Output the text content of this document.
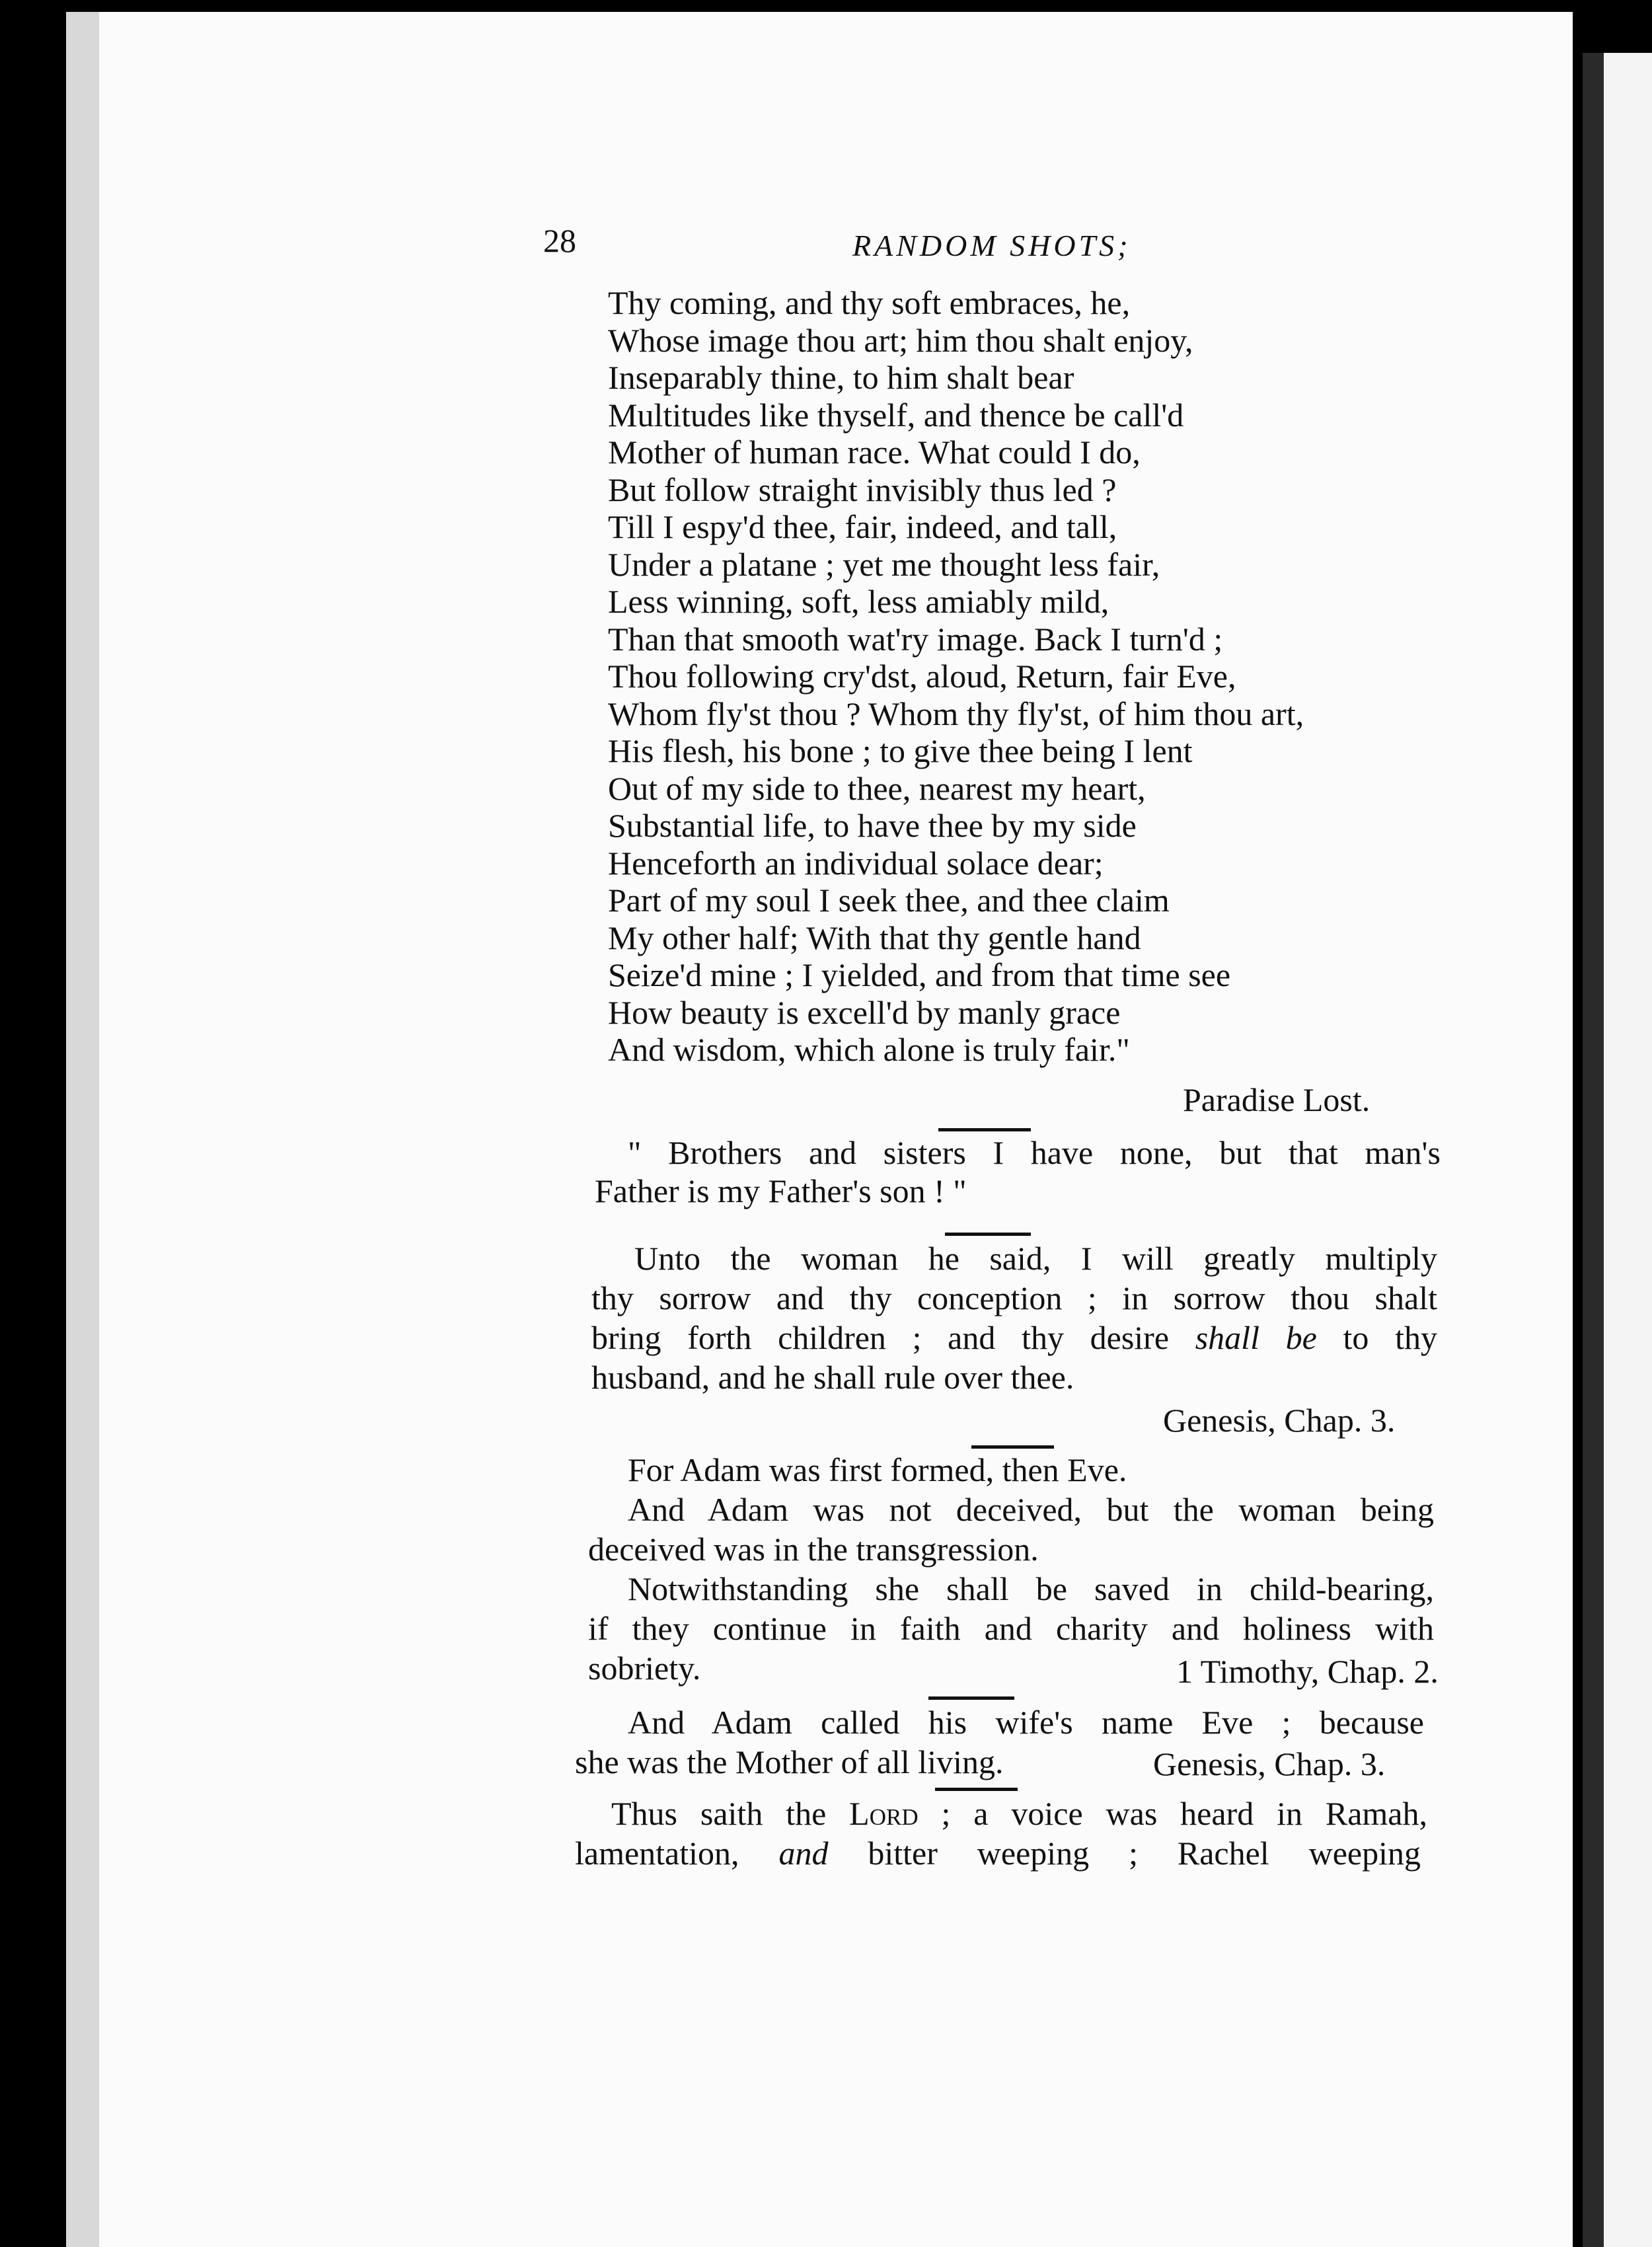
28	RANDOM SHOTS;
Thy coming, and thy soft embraces, he,
Whose image thou art; him thou shalt enjoy,
Inseparably thine, to him shalt bear
Multitudes like thyself, and thence be call'd
Mother of human race. What could I do,
But follow straight invisibly thus led ?
Till I espy'd thee, fair, indeed, and tall,
Under a platane ; yet me thought less fair,
Less winning, soft, less amiably mild,
Than that smooth wat'ry image. Back I turn'd ;
Thou following cry'dst, aloud, Return, fair Eve,
Whom fly'st thou ? Whom thy fly'st, of him thou art,
His flesh, his bone ; to give thee being I lent
Out of my side to thee, nearest my heart,
Substantial life, to have thee by my side
Henceforth an individual solace dear;
Part of my soul I seek thee, and thee claim
My other half; With that thy gentle hand
Seize'd mine ; I yielded, and from that time see
How beauty is excell'd by manly grace
And wisdom, which alone is truly fair."
Paradise Lost.
" Brothers and sisters I have none, but that man's
Father is my Father's son ! "
Unto the woman he said, I will greatly multiply
thy sorrow and thy conception ; in sorrow thou shalt
bring forth children ; and thy desire shall be to thy
husband, and he shall rule over thee.
Genesis, Chap. 3.
For Adam was first formed, then Eve.
And Adam was not deceived, but the woman being
deceived was in the transgression.
Notwithstanding she shall be saved in child-bearing,
if they continue in faith and charity and holiness with
sobriety.	1 Timothy, Chap. 2.
And Adam called his wife's name Eve ; because
she was the Mother of all living.	Genesis, Chap. 3.
Thus saith the Lord ; a voice was heard in Ramah,
lamentation, and bitter weeping ; Rachel weeping
